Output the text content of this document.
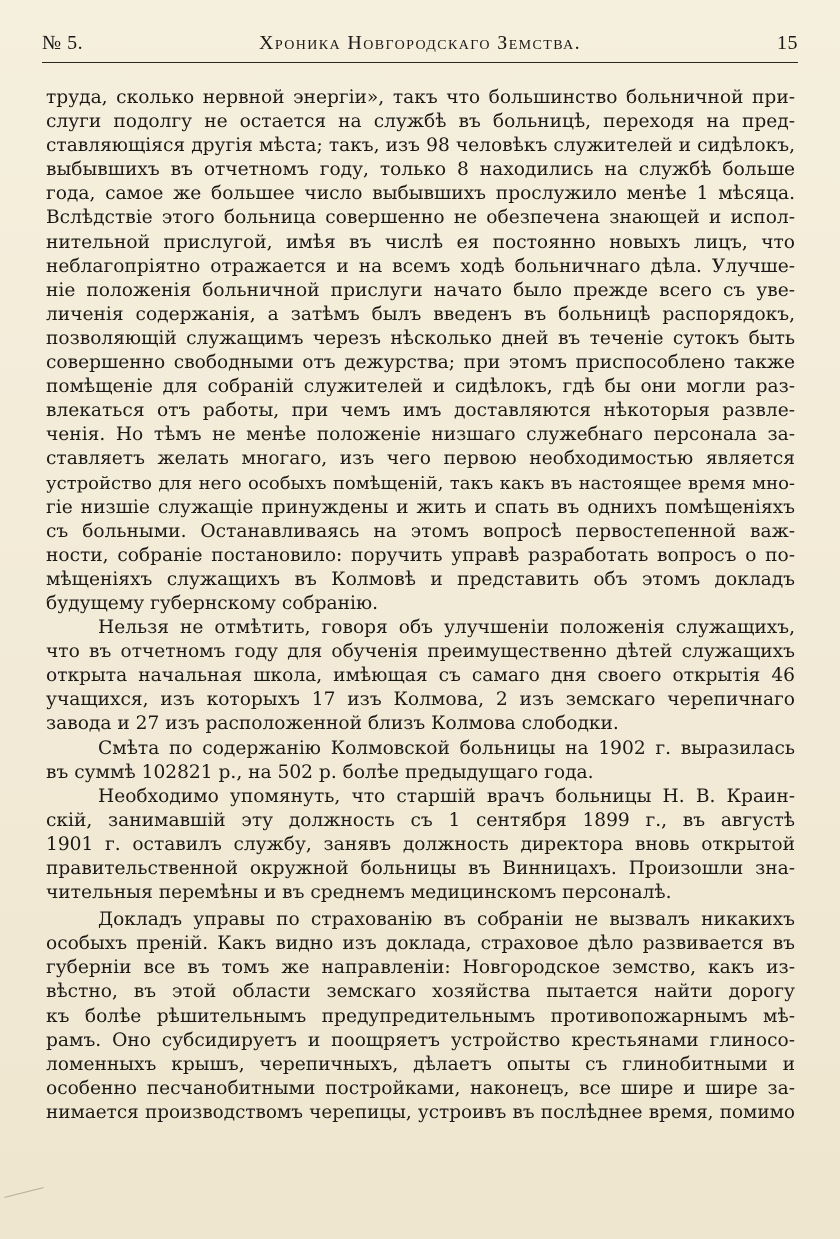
№ 5.	Хроника Новгородскаго Земства.	15
труда, сколько нервной энергіи», такъ что большинство больничной при-
слуги подолгу не остается на службѣ въ больницѣ, переходя на пред-
ставляющіяся другія мѣста; такъ, изъ 98 человѣкъ служителей и сидѣлокъ,
выбывшихъ въ отчетномъ году, только 8 находились на службѣ больше
года, самое же большее число выбывшихъ прослужило менѣе 1 мѣсяца.
Вслѣдствіе этого больница совершенно не обезпечена знающей и испол-
нительной прислугой, имѣя въ числѣ ея постоянно новыхъ лицъ, что
неблагопріятно отражается и на всемъ ходѣ больничнаго дѣла. Улучше-
ніе положенія больничной прислуги начато было прежде всего съ уве-
личенія содержанія, а затѣмъ былъ введенъ въ больницѣ распорядокъ,
позволяющій служащимъ черезъ нѣсколько дней въ теченіе сутокъ быть
совершенно свободными отъ дежурства; при этомъ приспособлено также
помѣщеніе для собраній служителей и сидѣлокъ, гдѣ бы они могли раз-
влекаться отъ работы, при чемъ имъ доставляются нѣкоторыя развле-
ченія. Но тѣмъ не менѣе положеніе низшаго служебнаго персонала за-
ставляетъ желать многаго, изъ чего первою необходимостью является
устройство для него особыхъ помѣщеній, такъ какъ въ настоящее время мно-
гіе низшіе служащіе принуждены и жить и спать въ однихъ помѣщеніяхъ
съ больными. Останавливаясь на этомъ вопросѣ первостепенной важ-
ности, собраніе постановило: поручить управѣ разработать вопросъ о по-
мѣщеніяхъ служащихъ въ Колмовѣ и представить объ этомъ докладъ
будущему губернскому собранію.
Нельзя не отмѣтить, говоря объ улучшеніи положенія служащихъ,
что въ отчетномъ году для обученія преимущественно дѣтей служащихъ
открыта начальная школа, имѣющая съ самаго дня своего открытія 46
учащихся, изъ которыхъ 17 изъ Колмова, 2 изъ земскаго черепичнаго
завода и 27 изъ расположенной близъ Колмова слободки.
Смѣта по содержанію Колмовской больницы на 1902 г. выразилась
въ суммѣ 102821 р., на 502 р. болѣе предыдущаго года.
Необходимо упомянуть, что старшій врачъ больницы Н. В. Краин-
скій, занимавшій эту должность съ 1 сентября 1899 г., въ августѣ
1901 г. оставилъ службу, занявъ должность директора вновь открытой
правительственной окружной больницы въ Винницахъ. Произошли зна-
чительныя перемѣны и въ среднемъ медицинскомъ персоналѣ.
Докладъ управы по страхованію въ собраніи не вызвалъ никакихъ
особыхъ преній. Какъ видно изъ доклада, страховое дѣло развивается въ
губерніи все въ томъ же направленіи: Новгородское земство, какъ из-
вѣстно, въ этой области земскаго хозяйства пытается найти дорогу
къ болѣе рѣшительнымъ предупредительнымъ противопожарнымъ мѣ-
рамъ. Оно субсидируетъ и поощряетъ устройство крестьянами глиносо-
ломенныхъ крышъ, черепичныхъ, дѣлаетъ опыты съ глинобитными и
особенно песчанобитными постройками, наконецъ, все шире и шире за-
нимается производствомъ черепицы, устроивъ въ послѣднее время, помимо
